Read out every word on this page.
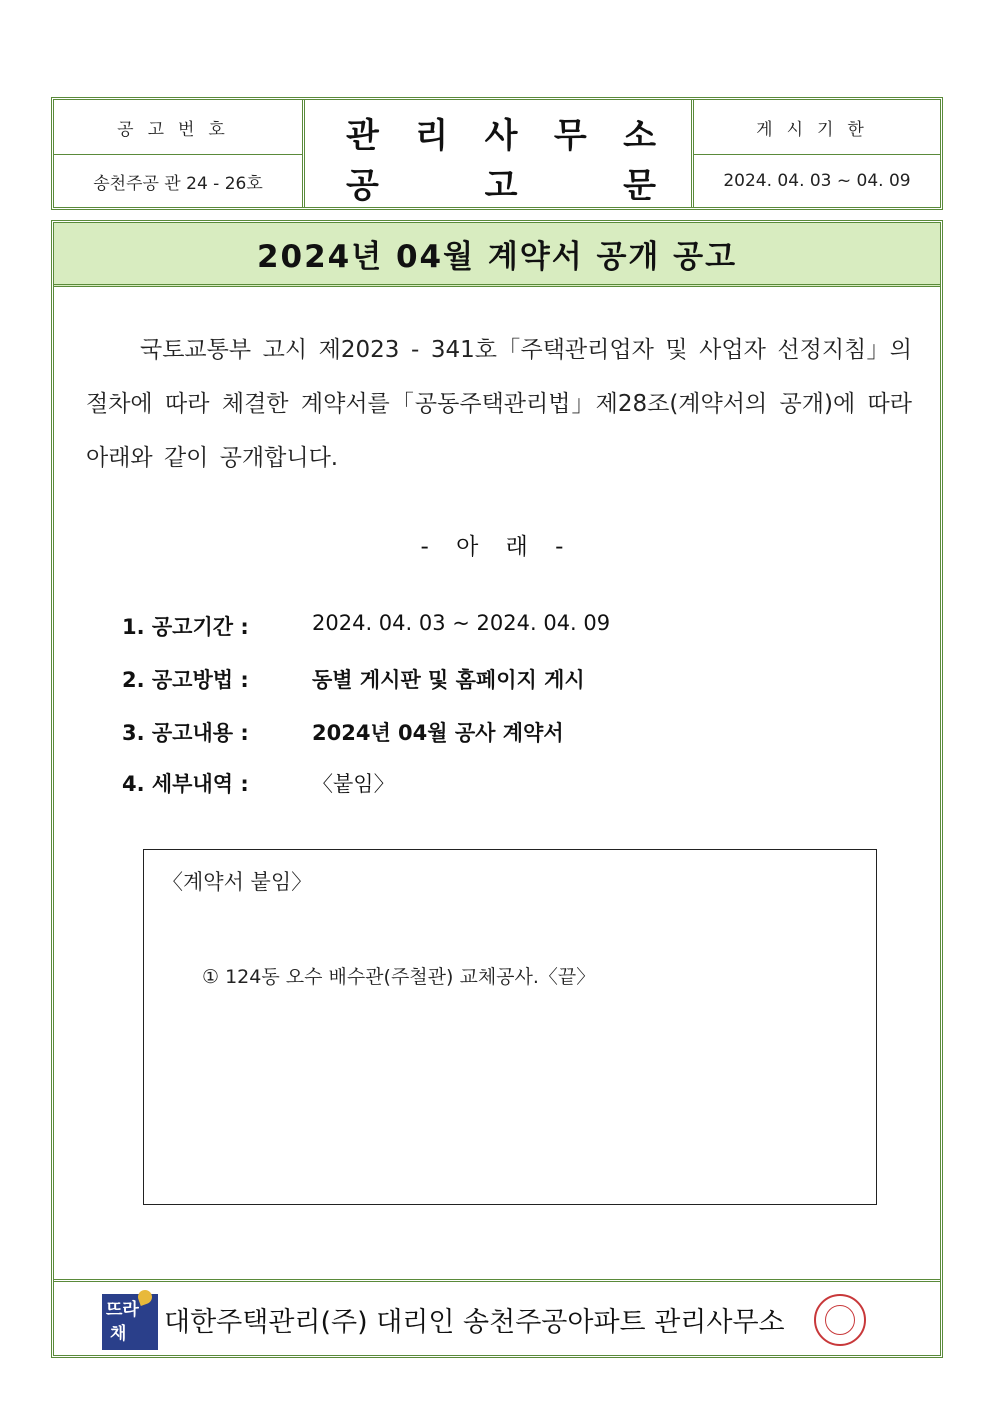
공고번호
송천주공 관 24 - 26호
관 리 사 무 소
공	고	문
게시기한
2024. 04. 03 ~ 04. 09
2024년 04월 계약서 공개 공고
국토교통부 고시 제2023 - 341호「주택관리업자 및 사업자 선정지침」의 절차에 따라 체결한 계약서를「공동주택관리법」제28조(계약서의 공개)에 따라 아래와 같이 공개합니다.
- 아 래 -
1. 공고기간 :	2024. 04. 03 ~ 2024. 04. 09
2. 공고방법 :	동별 게시판 및 홈페이지 게시
3. 공고내용 :	2024년 04월 공사 계약서
4. 세부내역 :	〈붙임〉
〈계약서 붙임〉
① 124동 오수 배수관(주철관) 교체공사.〈끝〉
뜨라
채 대한주택관리(주) 대리인 송천주공아파트 관리사무소
